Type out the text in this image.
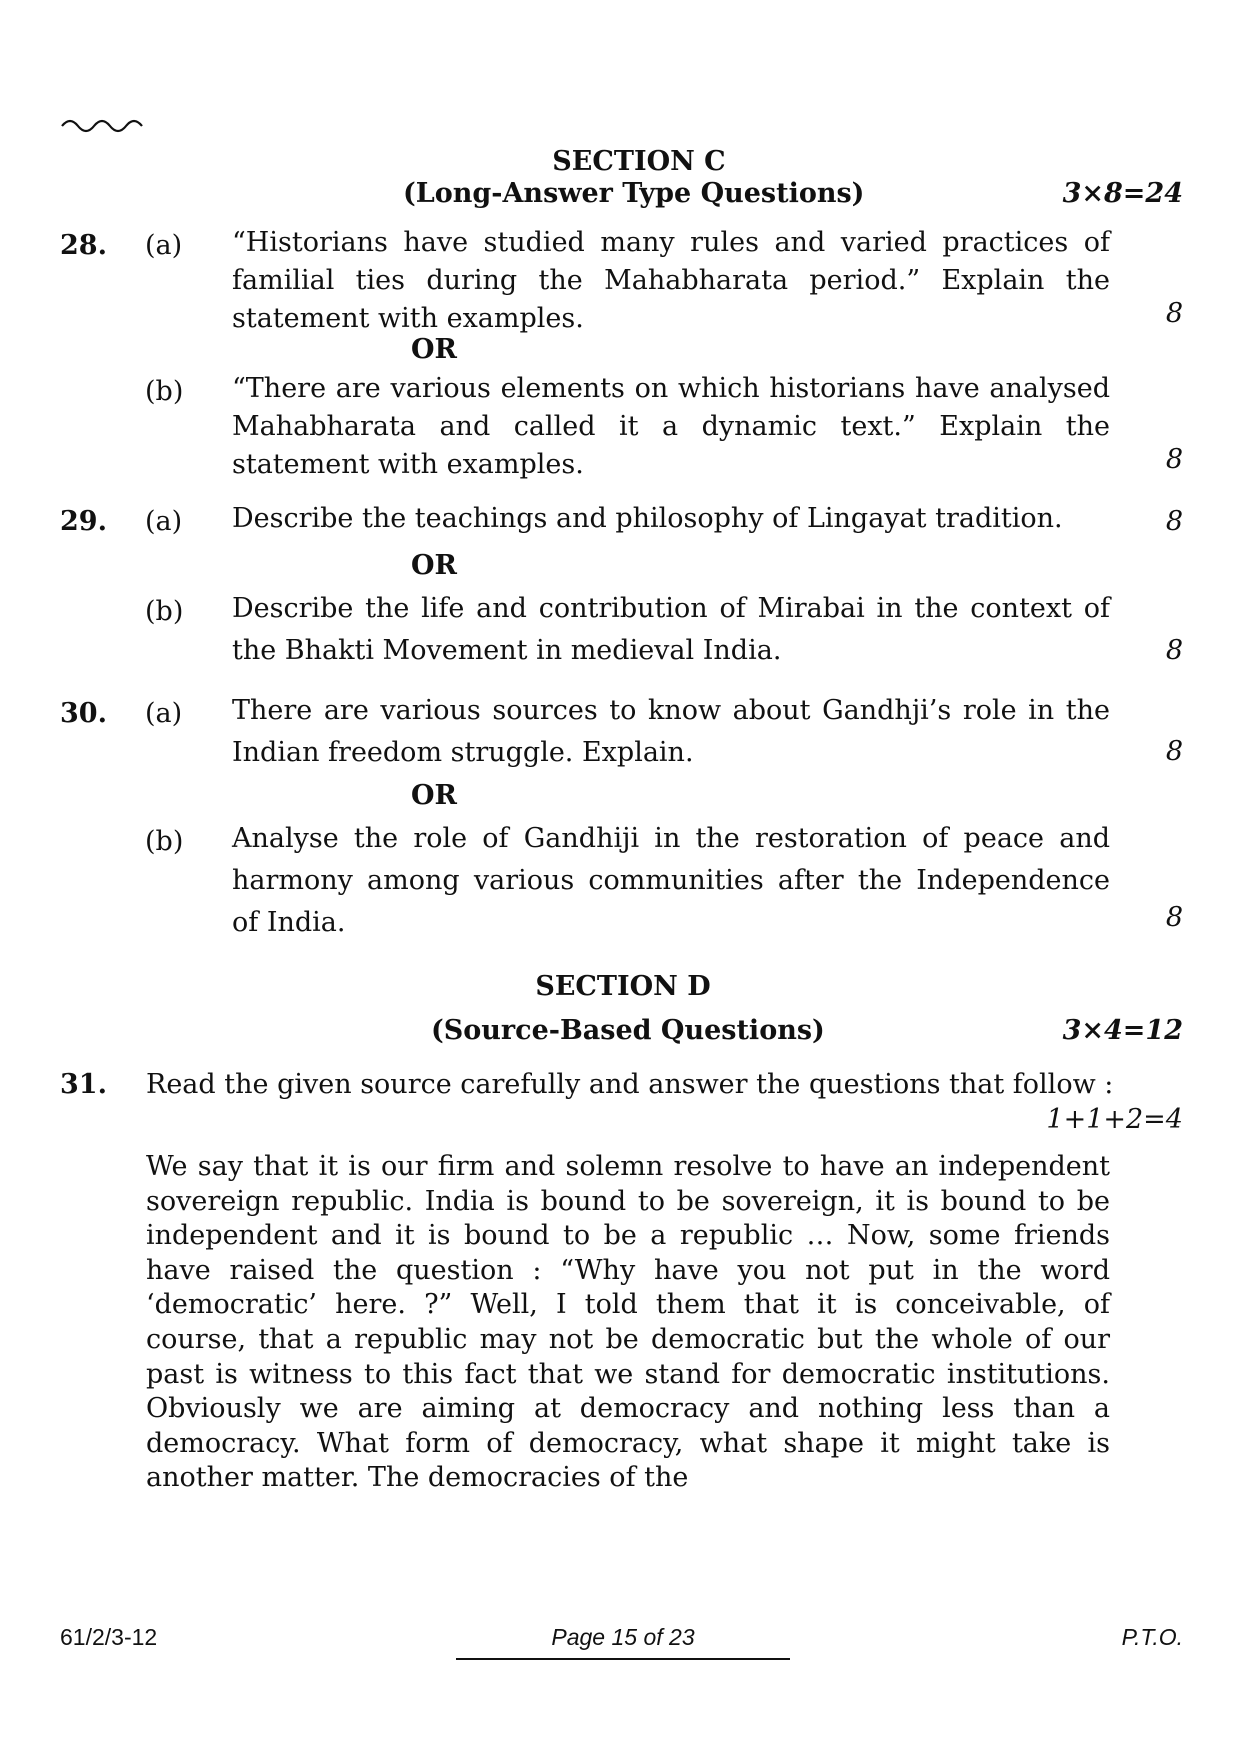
SECTION C
(Long-Answer Type Questions)	3×8=24
28. (a) “Historians have studied many rules and varied practices of familial ties during the Mahabharata period.” Explain the statement with examples.	8
OR
(b) “There are various elements on which historians have analysed Mahabharata and called it a dynamic text.” Explain the statement with examples.	8
29. (a) Describe the teachings and philosophy of Lingayat tradition.	8
OR
(b) Describe the life and contribution of Mirabai in the context of the Bhakti Movement in medieval India.	8
30. (a) There are various sources to know about Gandhji’s role in the Indian freedom struggle. Explain.	8
OR
(b) Analyse the role of Gandhiji in the restoration of peace and harmony among various communities after the Independence of India.	8
SECTION D
(Source-Based Questions)	3×4=12
31. Read the given source carefully and answer the questions that follow :
1+1+2=4
We say that it is our firm and solemn resolve to have an independent sovereign republic. India is bound to be sovereign, it is bound to be independent and it is bound to be a republic … Now, some friends have raised the question : “Why have you not put in the word ‘democratic’ here. ?” Well, I told them that it is conceivable, of course, that a republic may not be democratic but the whole of our past is witness to this fact that we stand for democratic institutions. Obviously we are aiming at democracy and nothing less than a democracy. What form of democracy, what shape it might take is another matter. The democracies of the
61/2/3-12	Page 15 of 23	P.T.O.
